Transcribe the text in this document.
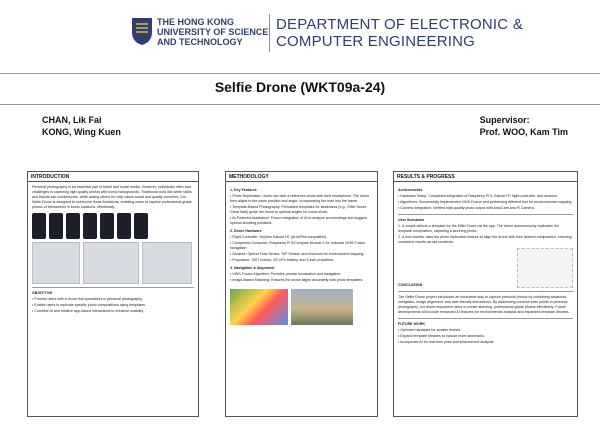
THE HONG KONG
UNIVERSITY OF SCIENCE
AND TECHNOLOGY
DEPARTMENT OF ELECTRONIC &
COMPUTER ENGINEERING
Selfie Drone (WKT09a-24)
CHAN, Lik Fai
KONG, Wing Kuen
Supervisor:
Prof. WOO, Kam Tim
INTRODUCTION
Personal photography is an essential part of travel and social media. However, individuals often face challenges in capturing high-quality photos with iconic backgrounds. Traditional tools like selfie sticks and tripods are cumbersome, while asking others for help raises social and quality concerns. Our Selfie Drone is designed to overcome these limitations, enabling users to capture professional-grade photos of themselves in iconic locations, effortlessly.
OBJECTIVE
• Provide users with a drone that specializes in personal photography.
• Enable users to replicate specific photo compositions using templates.
• Combine AI and intuitive app-based interactions to enhance usability.
METHODOLOGY
1. Key Features
• Photo Replication: Users can take a reference photo with their smartphone. The drone then aligns to the same position and angle, incorporating the user into the frame.
• Template-Based Photography: Preloaded templates for landmarks (e.g., Eiffel Tower, Great Wall) guide the drone to optimal angles for iconic shots.
• AI-Powered Assistance: Future integration of AI to analyze surroundings and suggest optimal shooting positions.
2. Drone Hardware
• Flight Controller: Holybro Kakute H7 (ArduPilot-compatible).
• Companion Computer: Raspberry Pi 5/Compute Module 4 for onboard VINS-Fusion navigation.
• Sensors: Optical Flow Sensor, ToF Sensor, and Arducam for environment mapping.
• Propulsion: 1507 motors, 4S LiPo battery, and 3-inch propellers.
3. Navigation & Alignment
• VINS-Fusion Algorithm: Provides precise localization and navigation.
• Image-Based Matching: Ensures the drone aligns accurately with photo templates.
RESULTS & PROGRESS
Achievements
• Hardware Setup: Completed integration of Raspberry Pi 5, Kakute H7 flight controller, and sensors.
• Algorithms: Successfully implemented VINS-Fusion and performing different test for environmental mapping.
• Camera Integration: Verified high-quality photo output with ArduCam and Pi Camera.
User Scenarios
1. A couple selects a template for the Eiffel Tower via the app. The drone autonomously replicates the template composition, capturing a stunning photo.
2. A solo traveler uses the photo replication feature to align the drone with their desired composition, ensuring consistent results across locations.
CONCLUSION
The Selfie Drone project introduces an innovative way to capture personal photos by combining advanced navigation, image alignment, and user-friendly interactions. By addressing common pain points in personal photography, our drone empowers users to create stunning, professional-grade photos effortlessly. Future developments will include enhanced AI features for environmental analysis and expanded template libraries.
FUTURE WORK
• Optimize hardware for smaller drones.
• Expand template libraries to include more landmarks.
• Incorporate AI for real-time pose and environment analysis.
